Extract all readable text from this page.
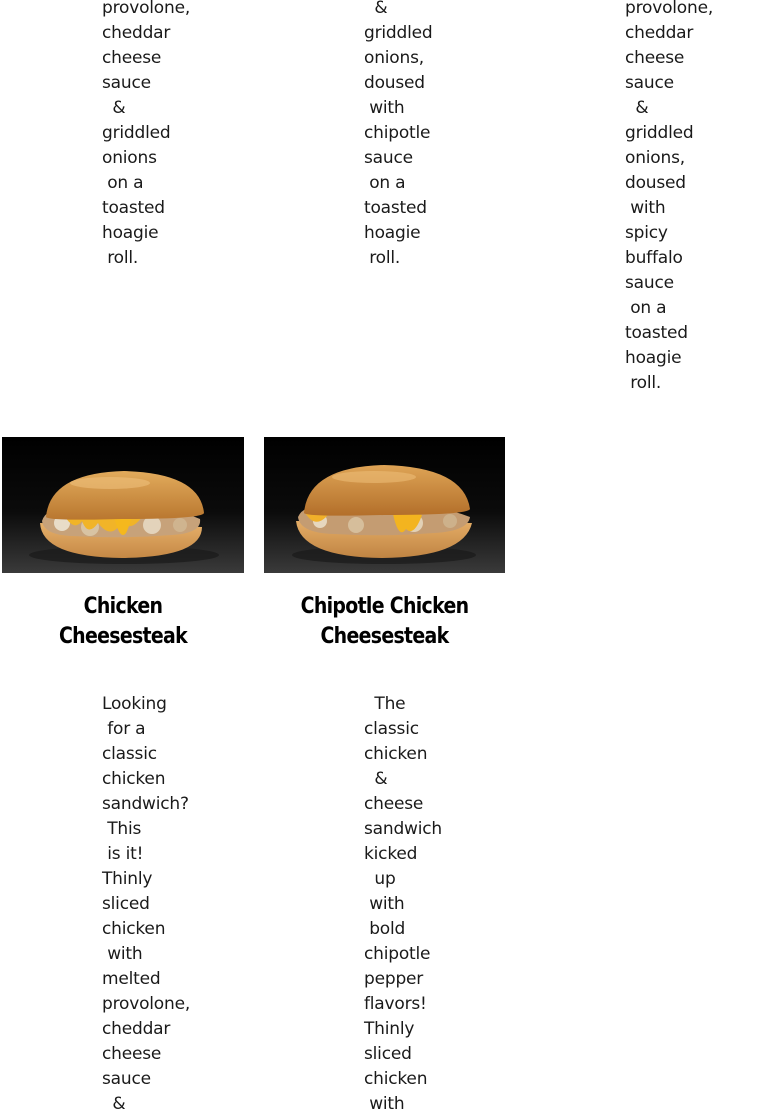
provolone,
cheddar
cheese
sauce
&
griddled
onions
on a
toasted
hoagie
roll.
&
griddled
onions,
doused
with
chipotle
sauce
on a
toasted
hoagie
roll.
provolone,
cheddar
cheese
sauce
&
griddled
onions,
doused
with
spicy
buffalo
sauce
on a
toasted
hoagie
roll.
Chicken
Cheesesteak
Looking
for a
classic
chicken
sandwich?
This
is it!
Thinly
sliced
chicken
with
melted
provolone,
cheddar
cheese
sauce
&
Chipotle Chicken
Cheesesteak
The
classic
chicken
&
cheese
sandwich
kicked
up
with
bold
chipotle
pepper
flavors!
Thinly
sliced
chicken
with
